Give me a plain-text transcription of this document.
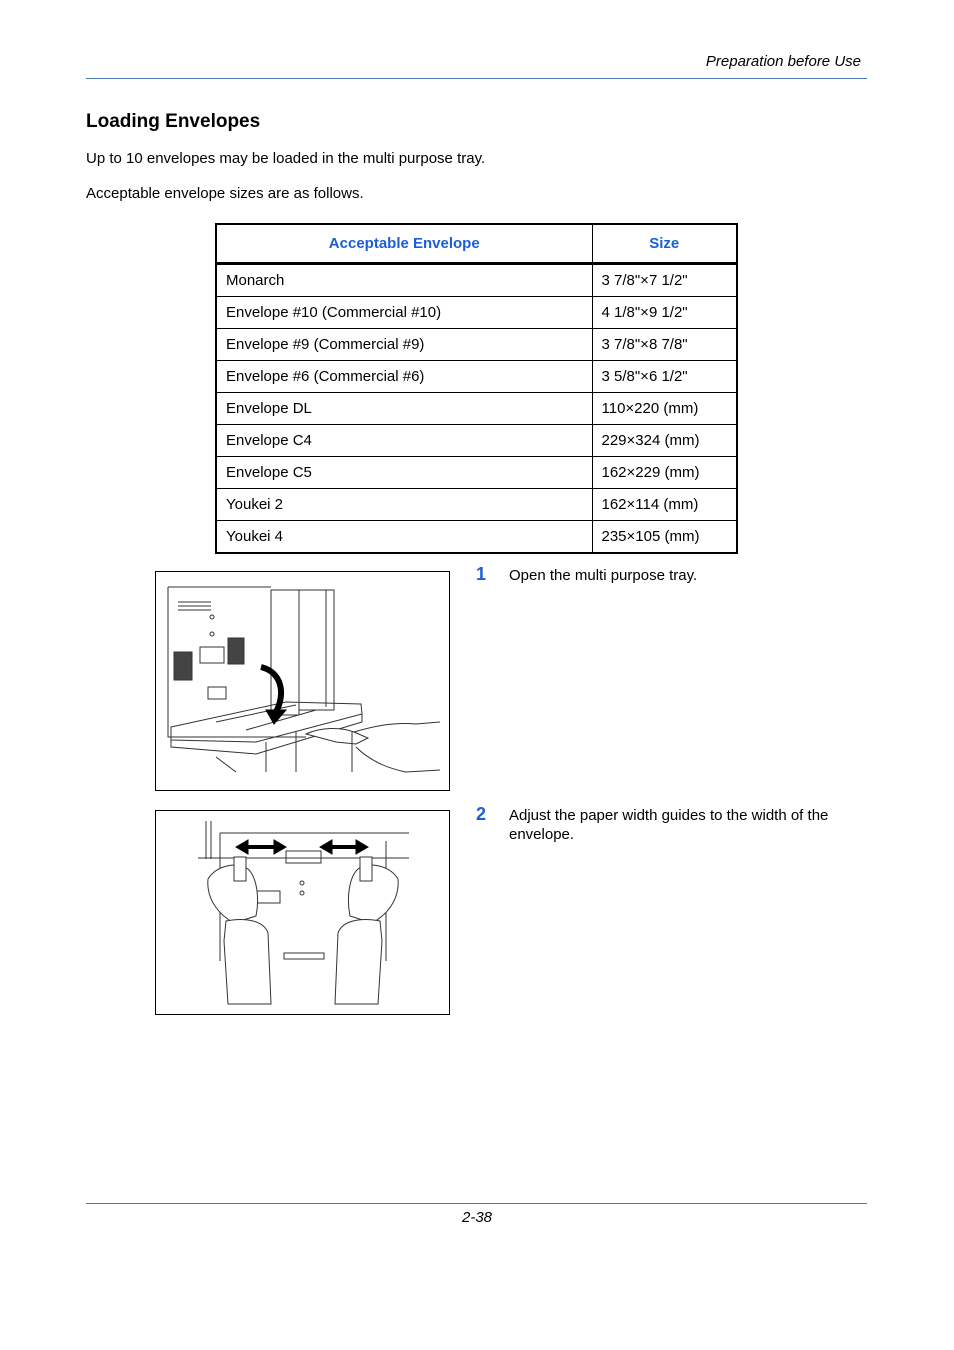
Preparation before Use
Loading Envelopes
Up to 10 envelopes may be loaded in the multi purpose tray.
Acceptable envelope sizes are as follows.
Acceptable Envelope	Size
Monarch	3 7/8"×7 1/2"
Envelope #10 (Commercial #10)	4 1/8"×9 1/2"
Envelope #9 (Commercial #9)	3 7/8"×8 7/8"
Envelope #6 (Commercial #6)	3 5/8"×6 1/2"
Envelope DL	110×220 (mm)
Envelope C4	229×324 (mm)
Envelope C5	162×229 (mm)
Youkei 2	162×114 (mm)
Youkei 4	235×105 (mm)
1 Open the multi purpose tray.
2 Adjust the paper width guides to the width of the envelope.
2-38
